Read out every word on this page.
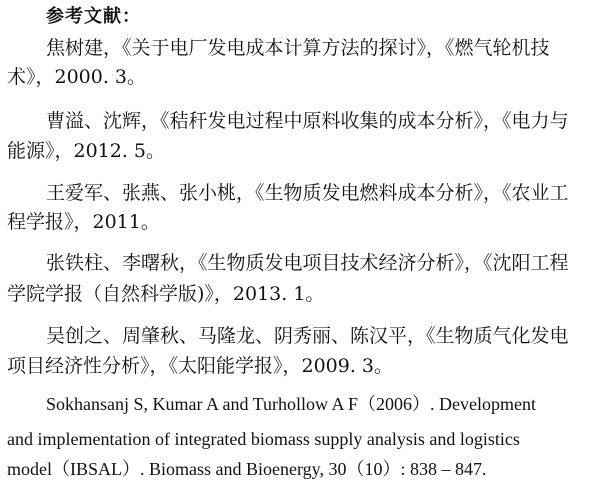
参考文献：
焦树建，《关于电厂发电成本计算方法的探讨》，《燃气轮机技
术》，2000. 3。
曹溢、沈辉，《秸秆发电过程中原料收集的成本分析》，《电力与
能源》，2012. 5。
王爱军、张燕、张小桃，《生物质发电燃料成本分析》，《农业工
程学报》，2011。
张铁柱、李曙秋，《生物质发电项目技术经济分析》，《沈阳工程
学院学报（自然科学版)》，2013. 1。
吴创之、周肇秋、马隆龙、阴秀丽、陈汉平，《生物质气化发电
项目经济性分析》，《太阳能学报》，2009. 3。
Sokhansanj S, Kumar A and Turhollow A F（2006）. Development
and implementation of integrated biomass supply analysis and logistics
model（IBSAL）. Biomass and Bioenergy, 30（10）: 838 – 847.
